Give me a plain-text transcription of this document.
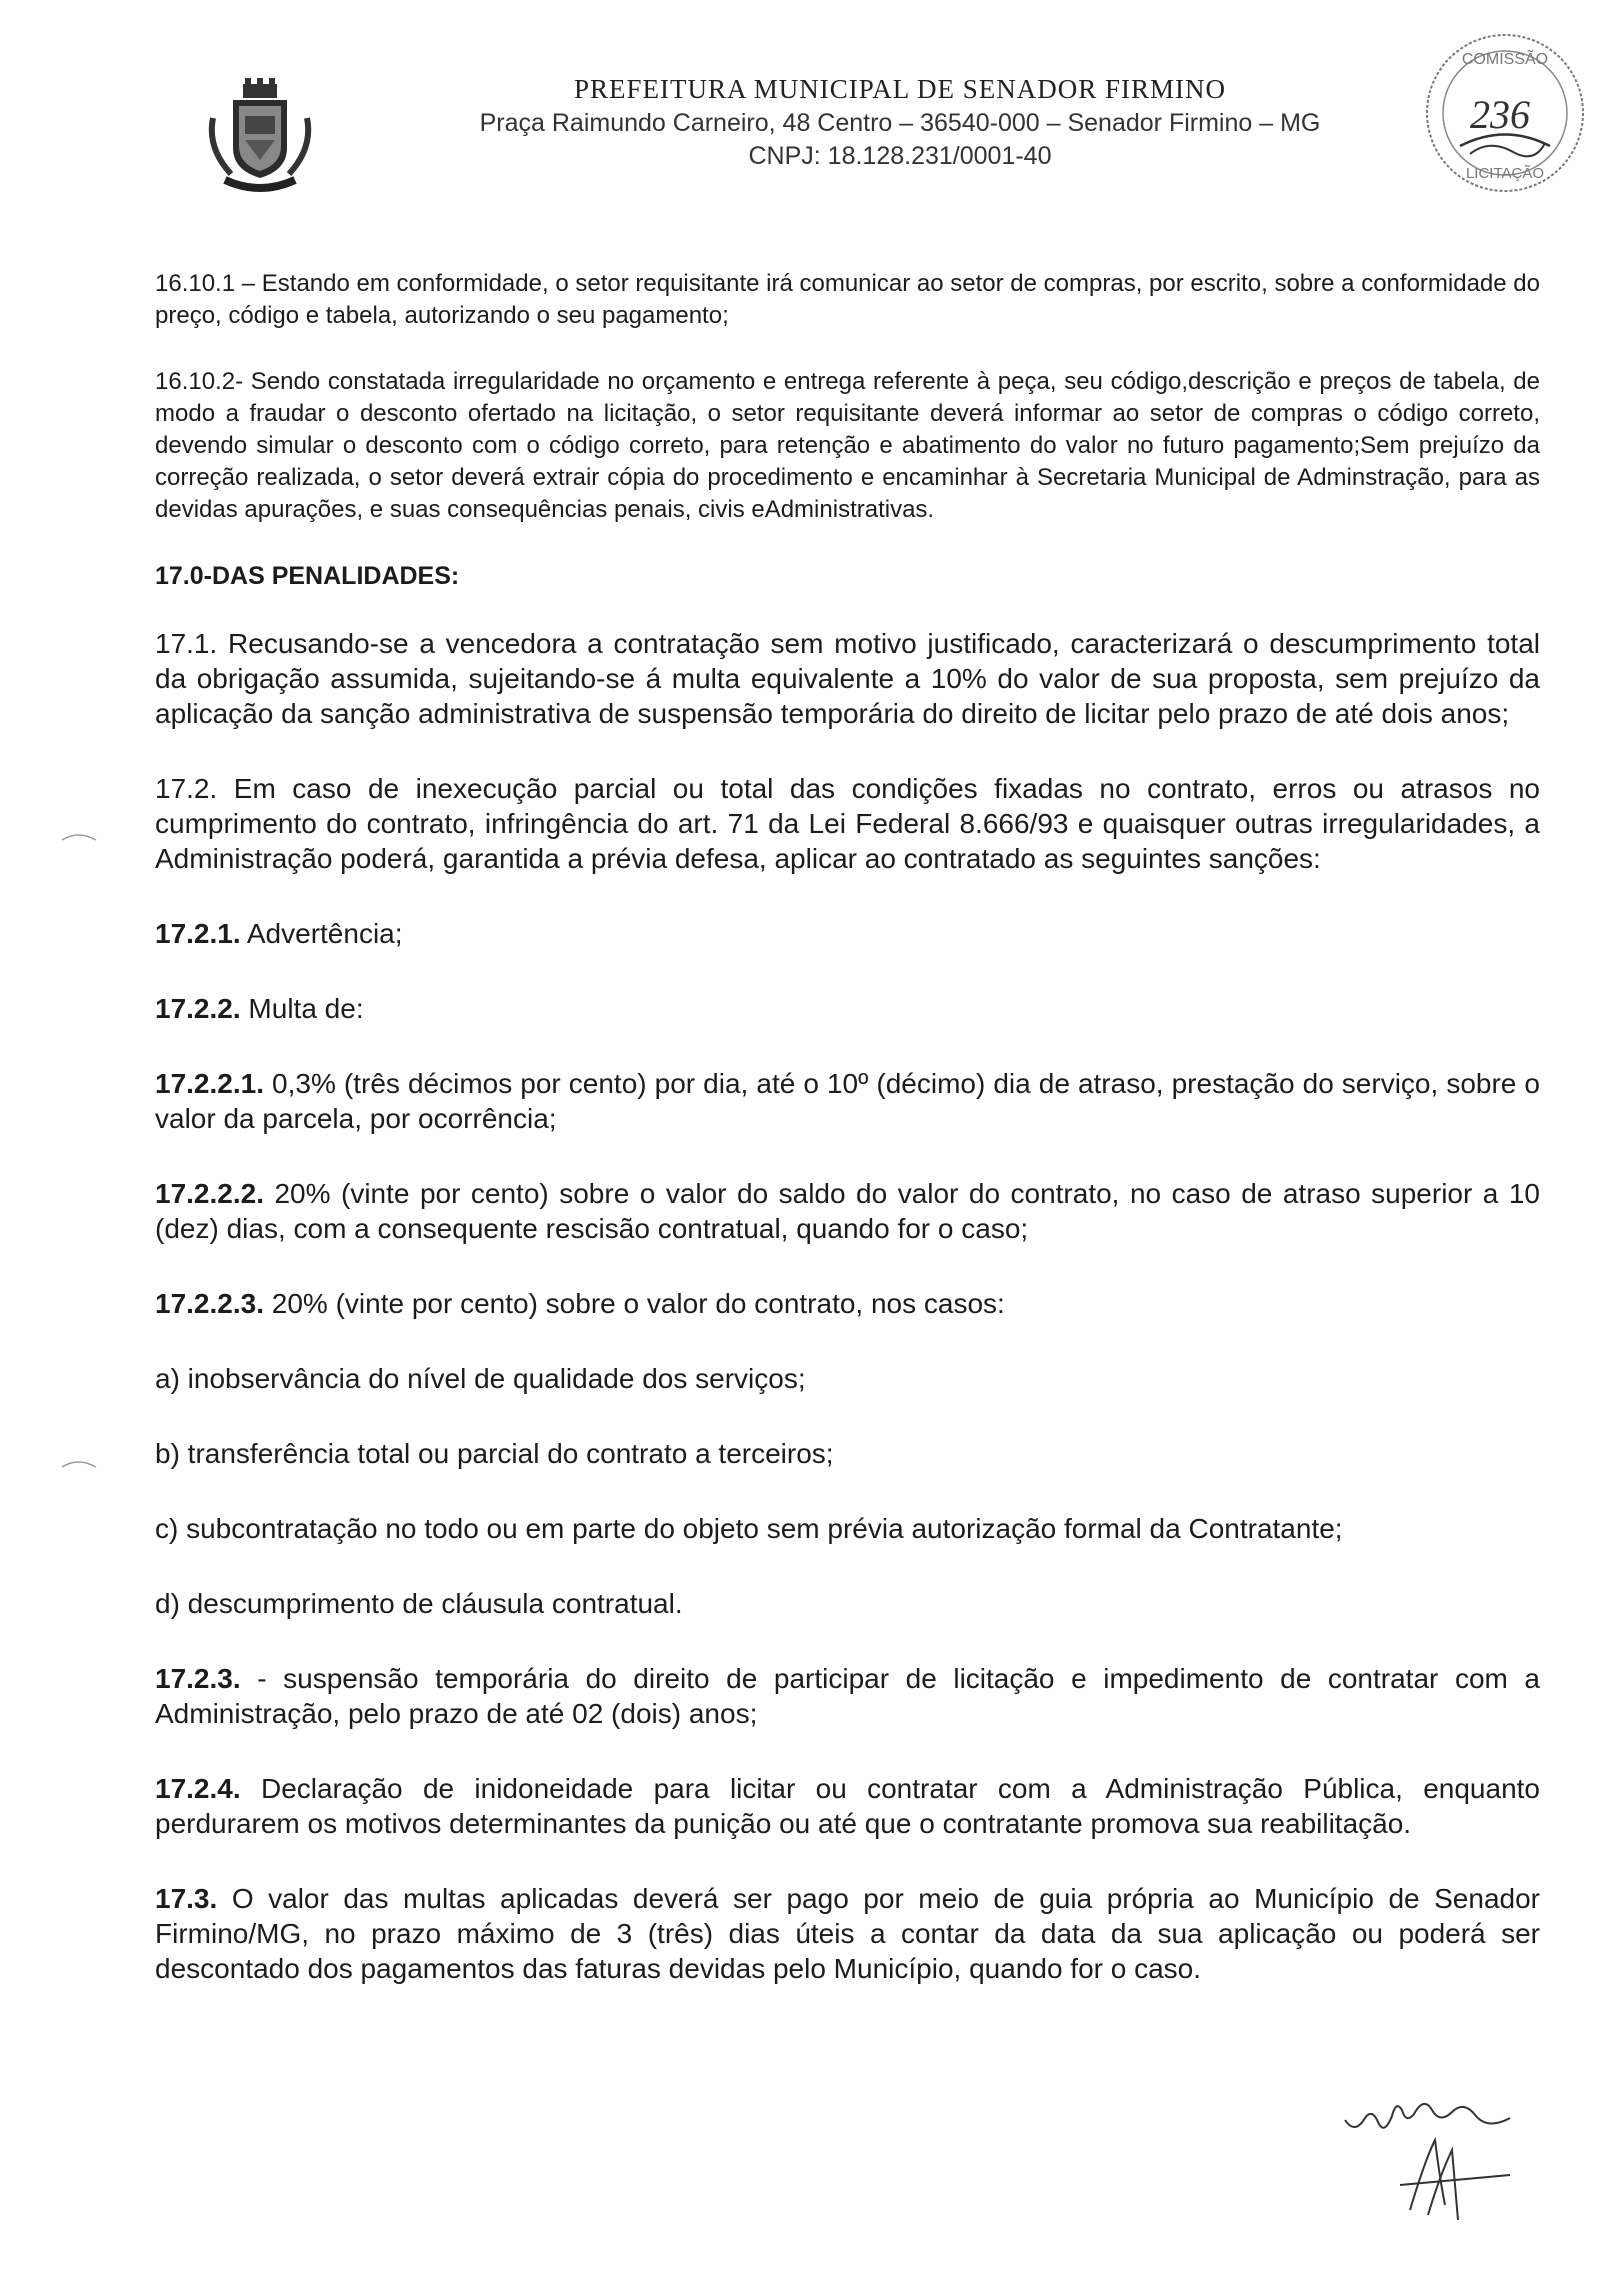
PREFEITURA MUNICIPAL DE SENADOR FIRMINO
Praça Raimundo Carneiro, 48 Centro – 36540-000 – Senador Firmino – MG
CNPJ: 18.128.231/0001-40
COMISSÃO
LICITAÇÃO
236

16.10.1 – Estando em conformidade, o setor requisitante irá comunicar ao setor de compras, por escrito, sobre a conformidade do preço, código e tabela, autorizando o seu pagamento;

16.10.2- Sendo constatada irregularidade no orçamento e entrega referente à peça, seu código,descrição e preços de tabela, de modo a fraudar o desconto ofertado na licitação, o setor requisitante deverá informar ao setor de compras o código correto, devendo simular o desconto com o código correto, para retenção e abatimento do valor no futuro pagamento;Sem prejuízo da correção realizada, o setor deverá extrair cópia do procedimento e encaminhar à Secretaria Municipal de Adminstração, para as devidas apurações, e suas consequências penais, civis eAdministrativas.

17.0-DAS PENALIDADES:

17.1. Recusando-se a vencedora a contratação sem motivo justificado, caracterizará o descumprimento total da obrigação assumida, sujeitando-se á multa equivalente a 10% do valor de sua proposta, sem prejuízo da aplicação da sanção administrativa de suspensão temporária do direito de licitar pelo prazo de até dois anos;

17.2. Em caso de inexecução parcial ou total das condições fixadas no contrato, erros ou atrasos no cumprimento do contrato, infringência do art. 71 da Lei Federal 8.666/93 e quaisquer outras irregularidades, a Administração poderá, garantida a prévia defesa, aplicar ao contratado as seguintes sanções:

17.2.1. Advertência;

17.2.2. Multa de:

17.2.2.1. 0,3% (três décimos por cento) por dia, até o 10º (décimo) dia de atraso, prestação do serviço, sobre o valor da parcela, por ocorrência;

17.2.2.2. 20% (vinte por cento) sobre o valor do saldo do valor do contrato, no caso de atraso superior a 10 (dez) dias, com a consequente rescisão contratual, quando for o caso;

17.2.2.3. 20% (vinte por cento) sobre o valor do contrato, nos casos:

a) inobservância do nível de qualidade dos serviços;

b) transferência total ou parcial do contrato a terceiros;

c) subcontratação no todo ou em parte do objeto sem prévia autorização formal da Contratante;

d) descumprimento de cláusula contratual.

17.2.3. - suspensão temporária do direito de participar de licitação e impedimento de contratar com a Administração, pelo prazo de até 02 (dois) anos;

17.2.4. Declaração de inidoneidade para licitar ou contratar com a Administração Pública, enquanto perdurarem os motivos determinantes da punição ou até que o contratante promova sua reabilitação.

17.3. O valor das multas aplicadas deverá ser pago por meio de guia própria ao Município de Senador Firmino/MG, no prazo máximo de 3 (três) dias úteis a contar da data da sua aplicação ou poderá ser descontado dos pagamentos das faturas devidas pelo Município, quando for o caso.
